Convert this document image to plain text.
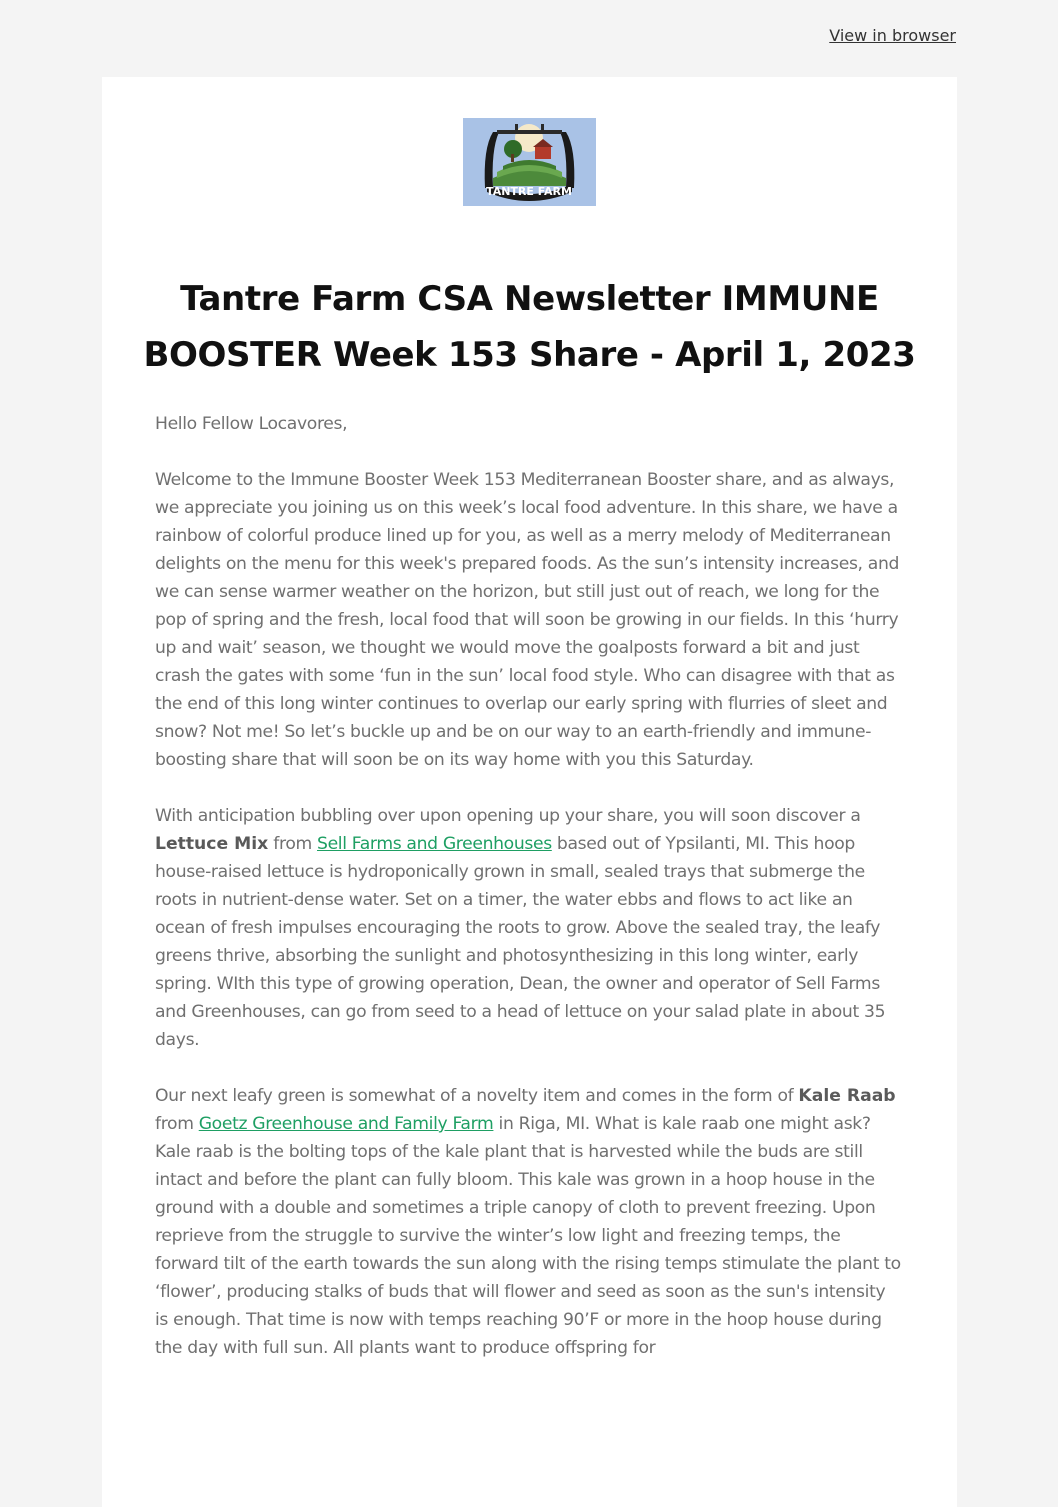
View in browser
TANTRE FARM
Tantre Farm CSA Newsletter IMMUNE BOOSTER Week 153 Share - April 1, 2023

Hello Fellow Locavores,

Welcome to the Immune Booster Week 153 Mediterranean Booster share, and as always, we appreciate you joining us on this week’s local food adventure. In this share, we have a rainbow of colorful produce lined up for you, as well as a merry melody of Mediterranean delights on the menu for this week's prepared foods. As the sun’s intensity increases, and we can sense warmer weather on the horizon, but still just out of reach, we long for the pop of spring and the fresh, local food that will soon be growing in our fields. In this ‘hurry up and wait’ season, we thought we would move the goalposts forward a bit and just crash the gates with some ‘fun in the sun’ local food style. Who can disagree with that as the end of this long winter continues to overlap our early spring with flurries of sleet and snow? Not me! So let’s buckle up and be on our way to an earth-friendly and immune-boosting share that will soon be on its way home with you this Saturday.

With anticipation bubbling over upon opening up your share, you will soon discover a Lettuce Mix from Sell Farms and Greenhouses based out of Ypsilanti, MI. This hoop house-raised lettuce is hydroponically grown in small, sealed trays that submerge the roots in nutrient-dense water. Set on a timer, the water ebbs and flows to act like an ocean of fresh impulses encouraging the roots to grow. Above the sealed tray, the leafy greens thrive, absorbing the sunlight and photosynthesizing in this long winter, early spring. WIth this type of growing operation, Dean, the owner and operator of Sell Farms and Greenhouses, can go from seed to a head of lettuce on your salad plate in about 35 days.

Our next leafy green is somewhat of a novelty item and comes in the form of Kale Raab from Goetz Greenhouse and Family Farm in Riga, MI. What is kale raab one might ask? Kale raab is the bolting tops of the kale plant that is harvested while the buds are still intact and before the plant can fully bloom. This kale was grown in a hoop house in the ground with a double and sometimes a triple canopy of cloth to prevent freezing. Upon reprieve from the struggle to survive the winter’s low light and freezing temps, the forward tilt of the earth towards the sun along with the rising temps stimulate the plant to ‘flower’, producing stalks of buds that will flower and seed as soon as the sun's intensity is enough. That time is now with temps reaching 90’F or more in the hoop house during the day with full sun. All plants want to produce offspring for
